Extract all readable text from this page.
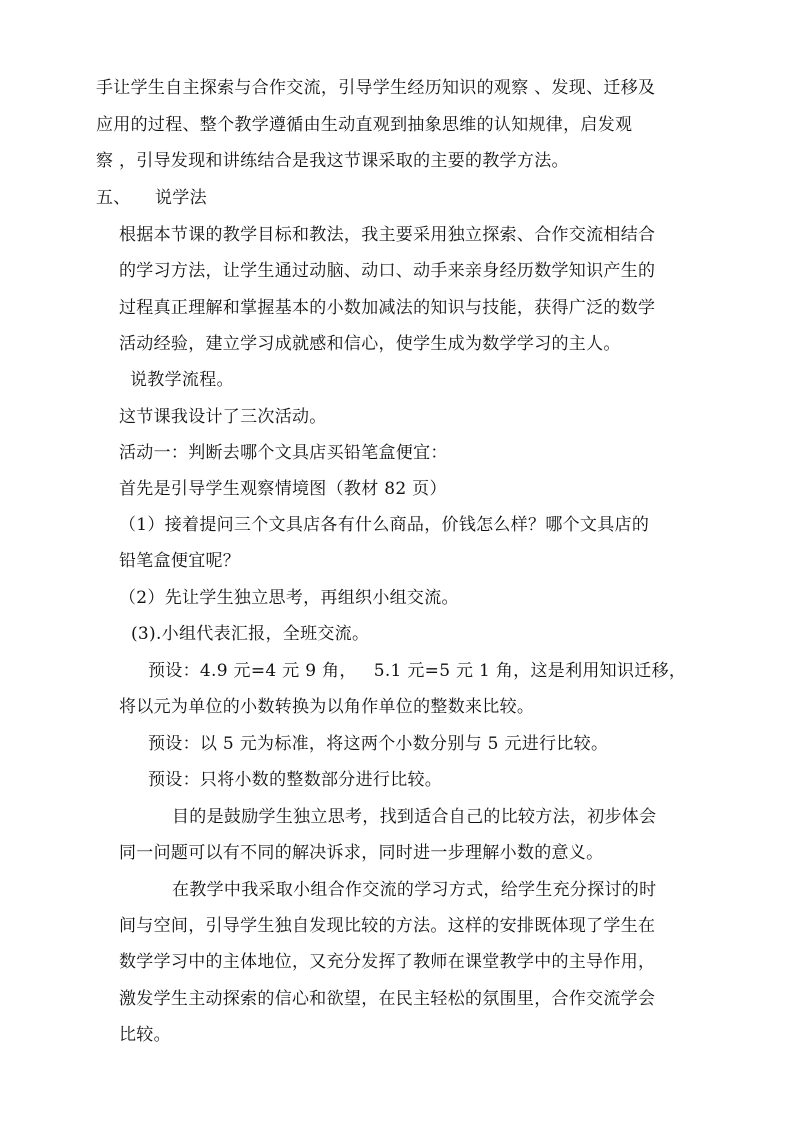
手让学生自主探索与合作交流，引导学生经历知识的观察 、发现、迁移及
应用的过程、整个教学遵循由生动直观到抽象思维的认知规律，启发观
察 ，引导发现和讲练结合是我这节课采取的主要的教学方法。
五、 说学法
根据本节课的教学目标和教法，我主要采用独立探索、合作交流相结合
的学习方法，让学生通过动脑、动口、动手来亲身经历数学知识产生的
过程真正理解和掌握基本的小数加减法的知识与技能，获得广泛的数学
活动经验，建立学习成就感和信心，使学生成为数学学习的主人。
说教学流程。
这节课我设计了三次活动。
活动一：判断去哪个文具店买铅笔盒便宜：
首先是引导学生观察情境图（教材 82 页）
（1）接着提问三个文具店各有什么商品，价钱怎么样？哪个文具店的
铅笔盒便宜呢？
（2）先让学生独立思考，再组织小组交流。
(3).小组代表汇报，全班交流。
预设：4.9 元=4 元 9 角，   5.1 元=5 元 1 角，这是利用知识迁移，
将以元为单位的小数转换为以角作单位的整数来比较。
预设：以 5 元为标准，将这两个小数分别与 5 元进行比较。
预设：只将小数的整数部分进行比较。
目的是鼓励学生独立思考，找到适合自己的比较方法，初步体会
同一问题可以有不同的解决诉求，同时进一步理解小数的意义。
在教学中我采取小组合作交流的学习方式，给学生充分探讨的时
间与空间，引导学生独自发现比较的方法。这样的安排既体现了学生在
数学学习中的主体地位，又充分发挥了教师在课堂教学中的主导作用，
激发学生主动探索的信心和欲望，在民主轻松的氛围里，合作交流学会
比较。
